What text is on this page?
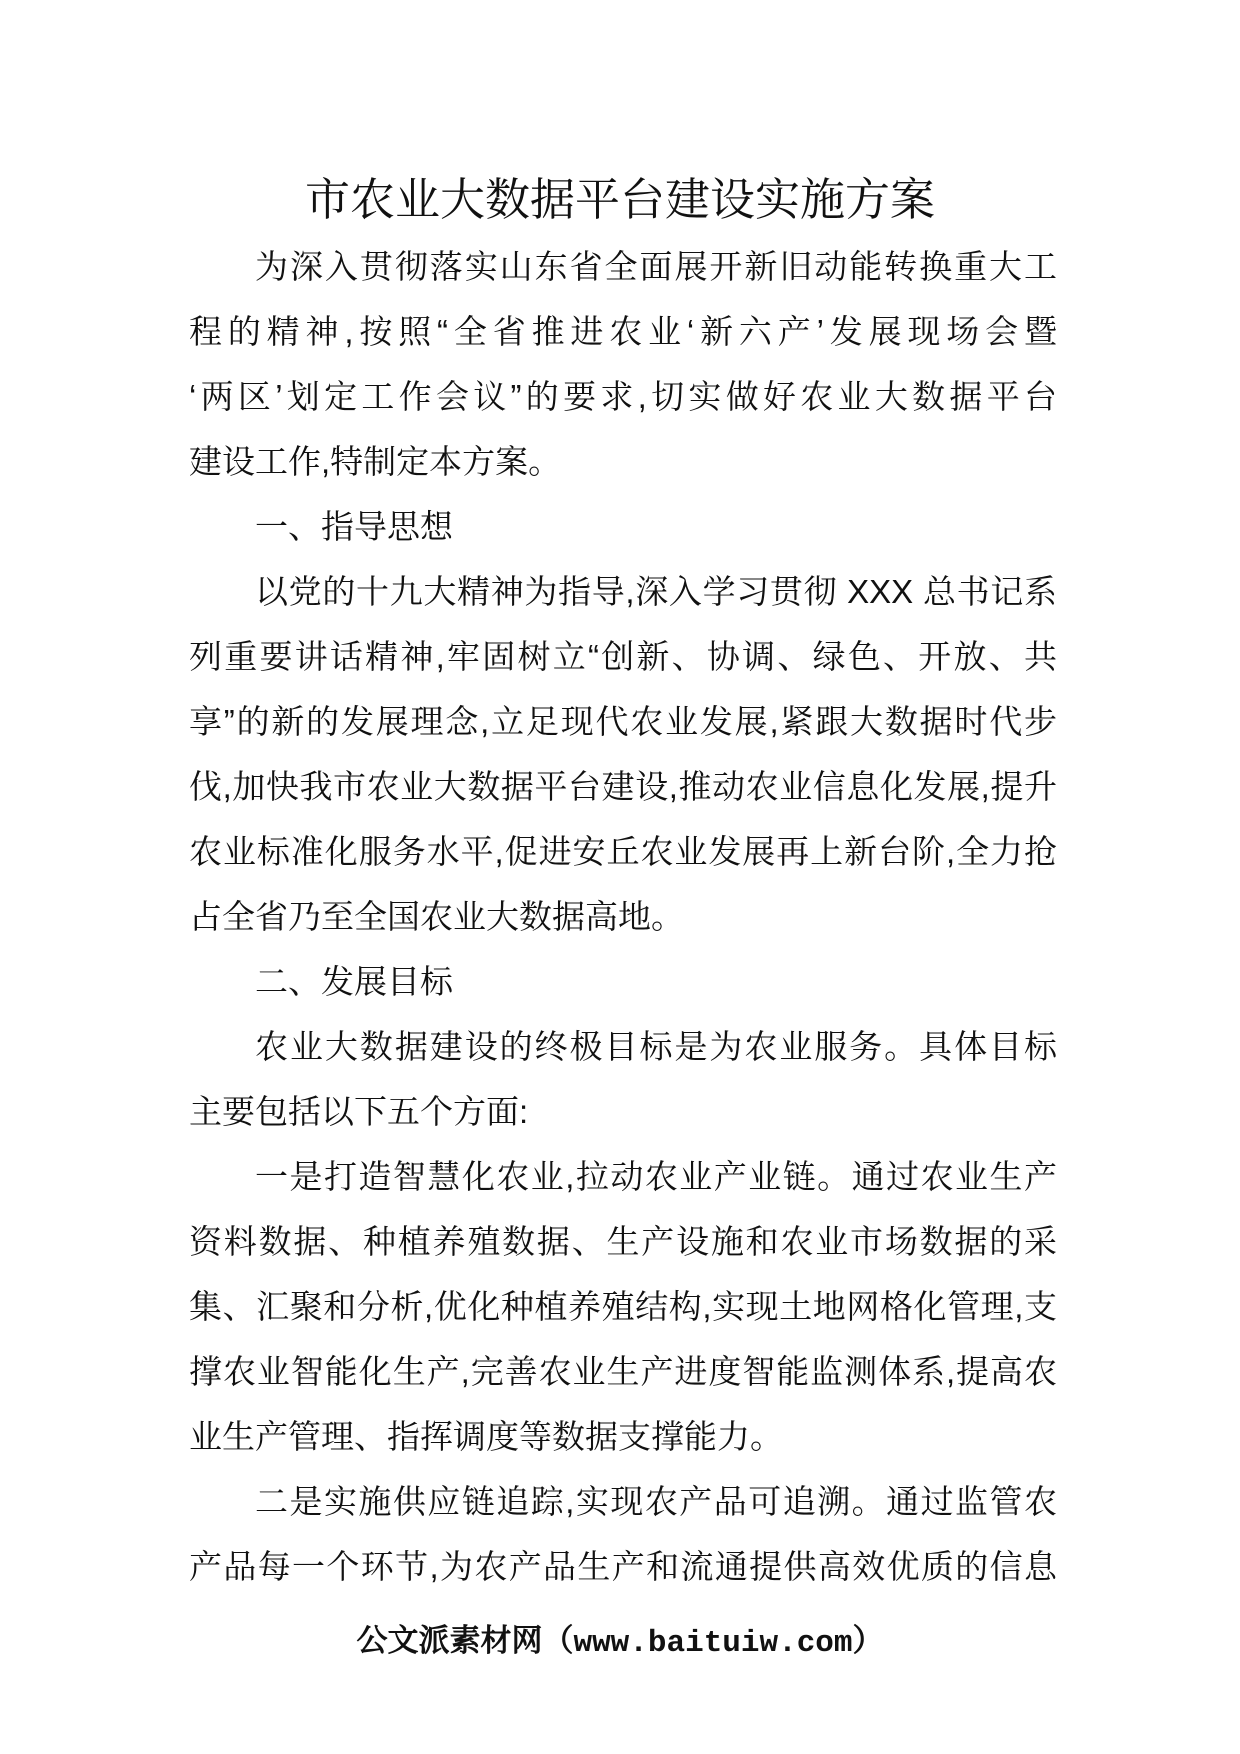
市农业大数据平台建设实施方案
为深入贯彻落实山东省全面展开新旧动能转换重大工
程的精神,按照“全省推进农业‘新六产’发展现场会暨
‘两区’划定工作会议”的要求,切实做好农业大数据平台
建设工作,特制定本方案。
一、指导思想
以党的十九大精神为指导,深入学习贯彻 XXX 总书记系
列重要讲话精神,牢固树立“创新、协调、绿色、开放、共
享”的新的发展理念,立足现代农业发展,紧跟大数据时代步
伐,加快我市农业大数据平台建设,推动农业信息化发展,提升
农业标准化服务水平,促进安丘农业发展再上新台阶,全力抢
占全省乃至全国农业大数据高地。
二、发展目标
农业大数据建设的终极目标是为农业服务。具体目标
主要包括以下五个方面:
一是打造智慧化农业,拉动农业产业链。通过农业生产
资料数据、种植养殖数据、生产设施和农业市场数据的采
集、汇聚和分析,优化种植养殖结构,实现土地网格化管理,支
撑农业智能化生产,完善农业生产进度智能监测体系,提高农
业生产管理、指挥调度等数据支撑能力。
二是实施供应链追踪,实现农产品可追溯。通过监管农
产品每一个环节,为农产品生产和流通提供高效优质的信息
公文派素材网（www.baituiw.com）
